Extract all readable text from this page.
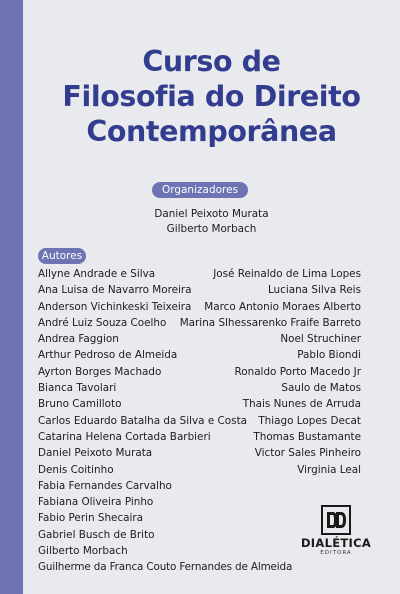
Curso de
Filosofia do Direito
Contemporânea
Organizadores
Daniel Peixoto Murata
Gilberto Morbach
Autores
Allyne Andrade e Silva
Ana Luisa de Navarro Moreira
Anderson Vichinkeski Teixeira
André Luiz Souza Coelho
Andrea Faggion
Arthur Pedroso de Almeida
Ayrton Borges Machado
Bianca Tavolari
Bruno Camilloto
Carlos Eduardo Batalha da Silva e Costa
Catarina Helena Cortada Barbieri
Daniel Peixoto Murata
Denis Coitinho
Fabia Fernandes Carvalho
Fabiana Oliveira Pinho
Fabio Perin Shecaira
Gabriel Busch de Brito
Gilberto Morbach
Guilherme da Franca Couto Fernandes de Almeida
José Reinaldo de Lima Lopes
Luciana Silva Reis
Marco Antonio Moraes Alberto
Marina Slhessarenko Fraife Barreto
Noel Struchiner
Pablo Biondi
Ronaldo Porto Macedo Jr
Saulo de Matos
Thais Nunes de Arruda
Thiago Lopes Decat
Thomas Bustamante
Victor Sales Pinheiro
Virginia Leal
DIALÉTICA
EDITORA
